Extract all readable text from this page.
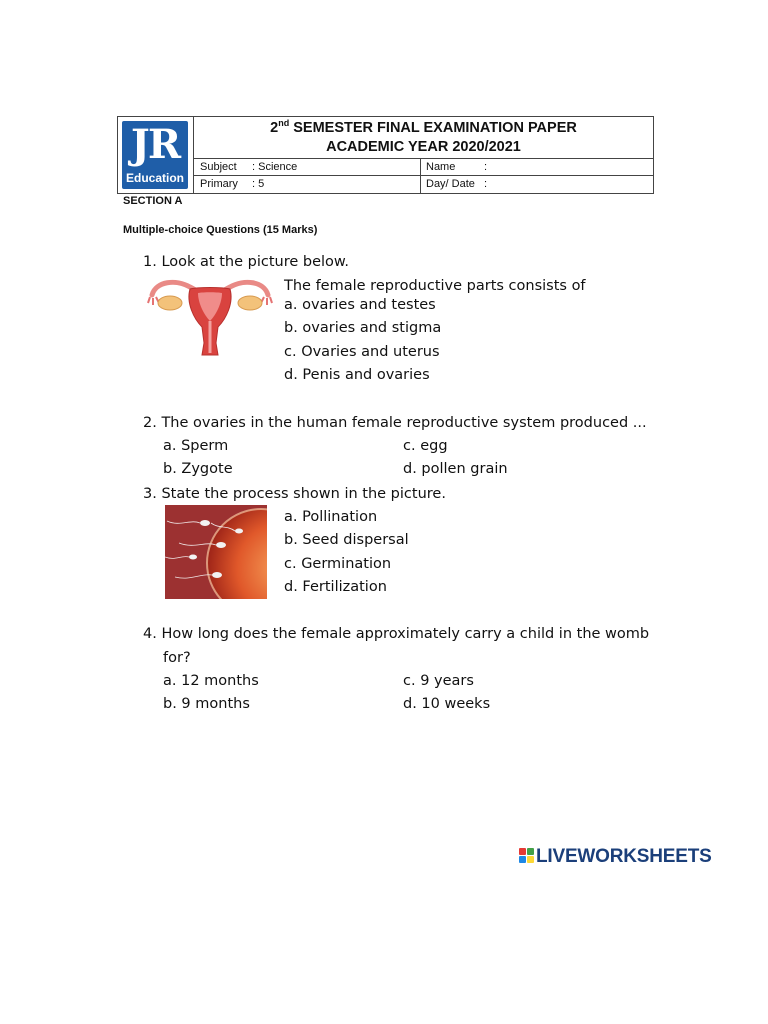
JR
Education
2nd SEMESTER FINAL EXAMINATION PAPER
ACADEMIC YEAR 2020/2021
Subject : Science	Name	:
Primary : 5	Day/ Date :
SECTION A
Multiple-choice Questions (15 Marks)
1. Look at the picture below.
The female reproductive parts consists of
a. ovaries and testes
b. ovaries and stigma
c. Ovaries and uterus
d. Penis and ovaries
2. The ovaries in the human female reproductive system produced ...
a. Sperm
b. Zygote
c. egg
d. pollen grain
3. State the process shown in the picture.
a. Pollination
b. Seed dispersal
c. Germination
d. Fertilization
4. How long does the female approximately carry a child in the womb
for?
a. 12 months
b. 9 months
c. 9 years
d. 10 weeks
LIVEWORKSHEETS
